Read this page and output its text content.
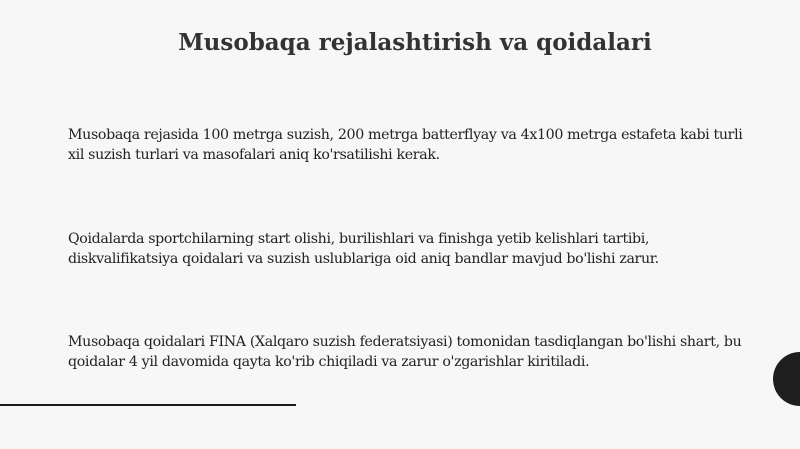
Musobaqa rejalashtirish va qoidalari

Musobaqa rejasida 100 metrga suzish, 200 metrga batterflyay va 4x100 metrga estafeta kabi turli xil suzish turlari va masofalari aniq ko'rsatilishi kerak.

Qoidalarda sportchilarning start olishi, burilishlari va finishga yetib kelishlari tartibi, diskvalifikatsiya qoidalari va suzish uslublariga oid aniq bandlar mavjud bo'lishi zarur.

Musobaqa qoidalari FINA (Xalqaro suzish federatsiyasi) tomonidan tasdiqlangan bo'lishi shart, bu qoidalar 4 yil davomida qayta ko'rib chiqiladi va zarur o'zgarishlar kiritiladi.
